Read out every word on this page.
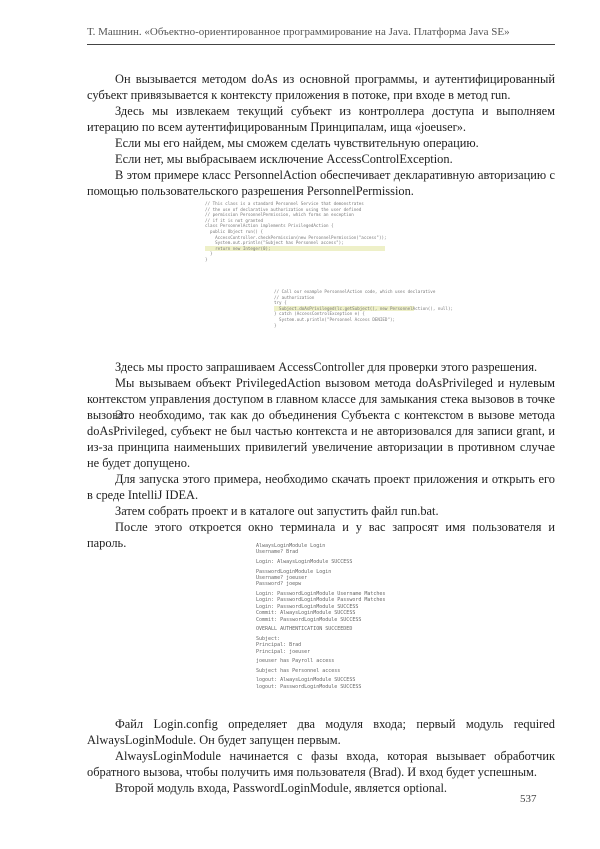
Т. Машнин. «Объектно-ориентированное программирование на Java. Платформа Java SE»

Он вызывается методом doAs из основной программы, и аутентифицированный субъект привязывается к контексту приложения в потоке, при входе в метод run.

Здесь мы извлекаем текущий субъект из контроллера доступа и выполняем итерацию по всем аутентифицированным Принципалам, ища «joeuser».

Если мы его найдем, мы сможем сделать чувствительную операцию.

Если нет, мы выбрасываем исключение AccessControlException.

В этом примере класс PersonnelAction обеспечивает декларативную авторизацию с помощью пользовательского разрешения PersonnelPermission.

// This class is a standard Personnel Service that demonstrates
// the use of declarative authorization using the user defined
// permission PersonnelPermission, which forms an exception
// if it is not granted
class PersonnelAction implements PrivilegedAction {
public Object run() {
AccessController.checkPermission(new PersonnelPermission("access"));
System.out.println("Subject has Personnel access");
return new Integer(0);
}
}
// Call our example PersonnelAction code, which uses declarative
// authorization
try {
Subject.doAsPrivileged(lc.getSubject(), new PersonnelAction(), null);
} catch (AccessControlException e) {
System.out.println("Personnel Access DENIED");
}

Здесь мы просто запрашиваем AccessController для проверки этого разрешения.

Мы вызываем объект PrivilegedAction вызовом метода doAsPrivileged и нулевым контекстом управления доступом в главном классе для замыкания стека вызовов в точке вызова.

Это необходимо, так как до объединения Субъекта с контекстом в вызове метода doAsPrivileged, субъект не был частью контекста и не авторизовался для записи grant, и из-за принципа наименьших привилегий увеличение авторизации в противном случае не будет допущено.

Для запуска этого примера, необходимо скачать проект приложения и открыть его в среде IntelliJ IDEA.

Затем собрать проект и в каталоге out запустить файл run.bat.

После этого откроется окно терминала и у вас запросят имя пользователя и пароль.	AlwaysLoginModule Login
Username? Brad
Login: AlwaysLoginModule SUCCESS
PasswordLoginModule Login
Username? joeuser
Password? joepw
Login: PasswordLoginModule Username Matches
Login: PasswordLoginModule Password Matches
Login: PasswordLoginModule SUCCESS
Commit: AlwaysLoginModule SUCCESS
Commit: PasswordLoginModule SUCCESS
OVERALL AUTHENTICATION SUCCEEDED
Subject:
Principal: Brad
Principal: joeuser
joeuser has Payroll access
Subject has Personnel access
logout: AlwaysLoginModule SUCCESS
logout: PasswordLoginModule SUCCESS

Файл Login.config определяет два модуля входа; первый модуль required AlwaysLoginModule. Он будет запущен первым.

AlwaysLoginModule начинается с фазы входа, которая вызывает обработчик обратного вызова, чтобы получить имя пользователя (Brad). И вход будет успешным.

Второй модуль входа, PasswordLoginModule, является optional.

537
